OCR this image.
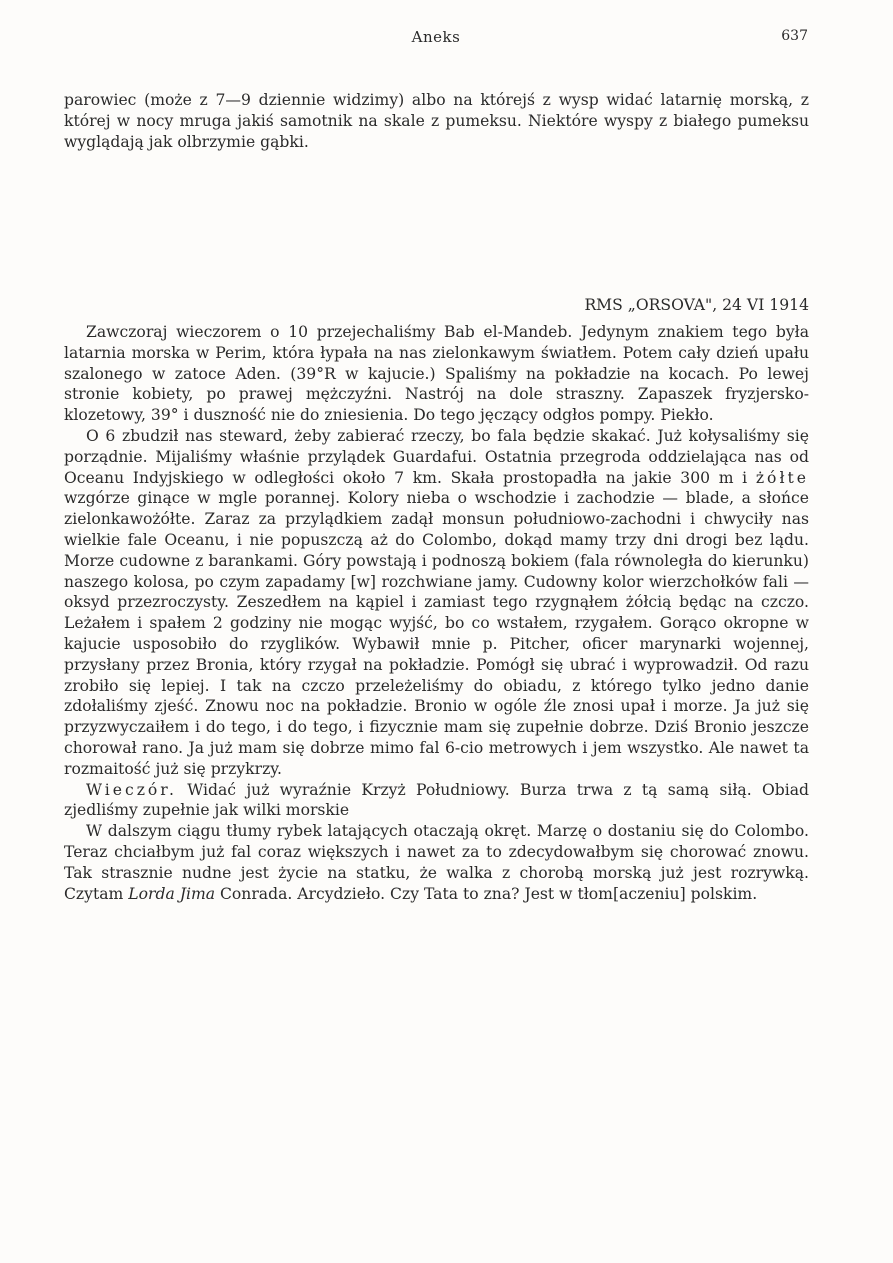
Aneks	637

parowiec (może z 7—9 dziennie widzimy) albo na którejś z wysp widać latarnię morską, z której w nocy mruga jakiś samotnik na skale z pumeksu. Niektóre wyspy z białego pumeksu wyglądają jak olbrzymie gąbki.

RMS „ORSOVA", 24 VI 1914

Zawczoraj wieczorem o 10 przejechaliśmy Bab el-Mandeb. Jedynym znakiem tego była latarnia morska w Perim, która łypała na nas zielonkawym światłem. Potem cały dzień upału szalonego w zatoce Aden. (39°R w kajucie.) Spaliśmy na pokładzie na kocach. Po lewej stronie kobiety, po prawej mężczyźni. Nastrój na dole straszny. Zapaszek fryzjersko-klozetowy, 39° i duszność nie do zniesienia. Do tego jęczący odgłos pompy. Piekło.

O 6 zbudził nas steward, żeby zabierać rzeczy, bo fala będzie skakać. Już kołysaliśmy się porządnie. Mijaliśmy właśnie przylądek Guardafui. Ostatnia przegroda oddzielająca nas od Oceanu Indyjskiego w odległości około 7 km. Skała prostopadła na jakie 300 m i żółte wzgórze ginące w mgle porannej. Kolory nieba o wschodzie i zachodzie — blade, a słońce zielonkawożółte. Zaraz za przylądkiem zadął monsun południowo-zachodni i chwyciły nas wielkie fale Oceanu, i nie popuszczą aż do Colombo, dokąd mamy trzy dni drogi bez lądu. Morze cudowne z barankami. Góry powstają i podnoszą bokiem (fala równoległa do kierunku) naszego kolosa, po czym zapadamy [w] rozchwiane jamy. Cudowny kolor wierzchołków fali — oksyd przezroczysty. Zeszedłem na kąpiel i zamiast tego rzygnąłem żółcią będąc na czczo. Leżałem i spałem 2 godziny nie mogąc wyjść, bo co wstałem, rzygałem. Gorąco okropne w kajucie usposobiło do rzyglików. Wybawił mnie p. Pitcher, oficer marynarki wojennej, przysłany przez Bronia, który rzygał na pokładzie. Pomógł się ubrać i wyprowadził. Od razu zrobiło się lepiej. I tak na czczo przeleżeliśmy do obiadu, z którego tylko jedno danie zdołaliśmy zjeść. Znowu noc na pokładzie. Bronio w ogóle źle znosi upał i morze. Ja już się przyzwyczaiłem i do tego, i do tego, i fizycznie mam się zupełnie dobrze. Dziś Bronio jeszcze chorował rano. Ja już mam się dobrze mimo fal 6-cio metrowych i jem wszystko. Ale nawet ta rozmaitość już się przykrzy.

Wieczór. Widać już wyraźnie Krzyż Południowy. Burza trwa z tą samą siłą. Obiad zjedliśmy zupełnie jak wilki morskie

W dalszym ciągu tłumy rybek latających otaczają okręt. Marzę o dostaniu się do Colombo. Teraz chciałbym już fal coraz większych i nawet za to zdecydowałbym się chorować znowu. Tak strasznie nudne jest życie na statku, że walka z chorobą morską już jest rozrywką. Czytam Lorda Jima Conrada. Arcydzieło. Czy Tata to zna? Jest w tłom[aczeniu] polskim.
